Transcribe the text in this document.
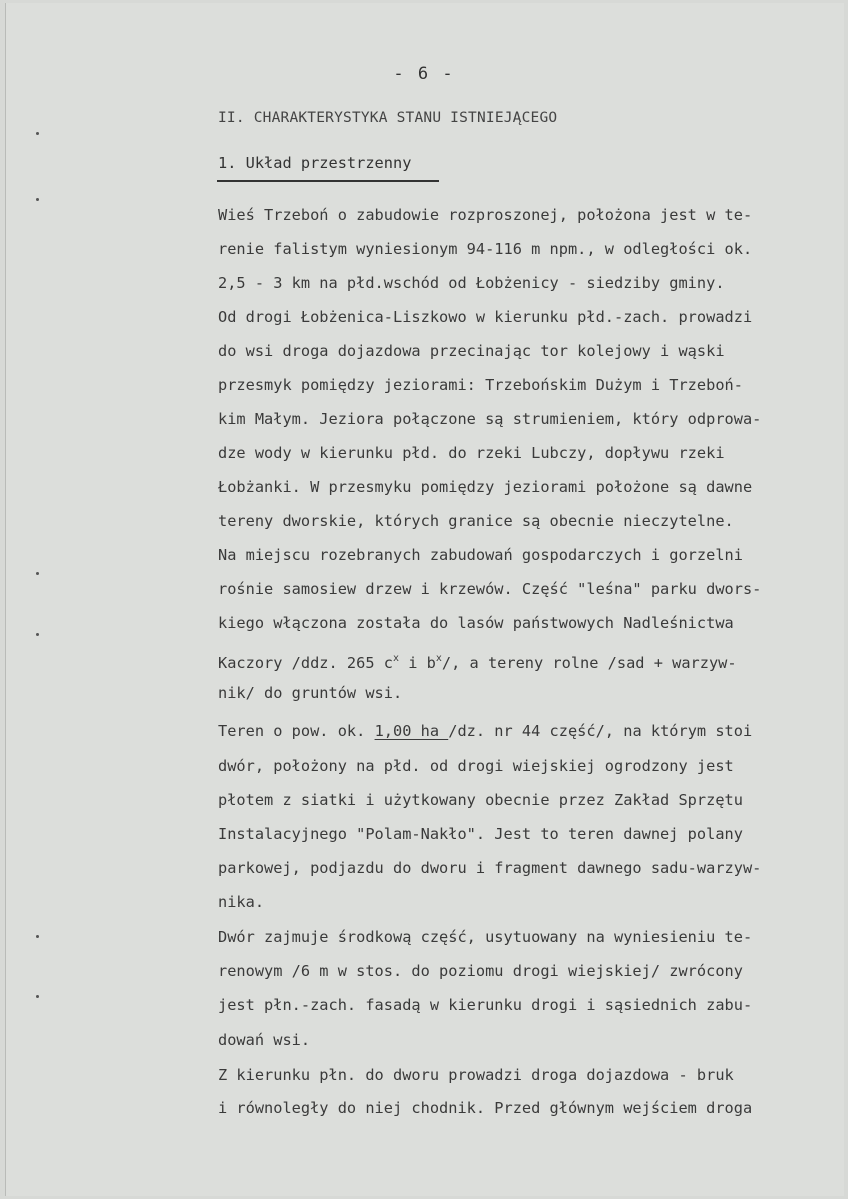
- 6 -
II. CHARAKTERYSTYKA STANU ISTNIEJĄCEGO
1. Układ przestrzenny
Wieś Trzeboń o zabudowie rozproszonej, położona jest w te-
renie falistym wyniesionym 94-116 m npm., w odległości ok.
2,5 - 3 km na płd.wschód od Łobżenicy - siedziby gminy.
Od drogi Łobżenica-Liszkowo w kierunku płd.-zach. prowadzi
do wsi droga dojazdowa przecinając tor kolejowy i wąski
przesmyk pomiędzy jeziorami: Trzebońskim Dużym i Trzeboń-
kim Małym. Jeziora połączone są strumieniem, który odprowa-
dze wody w kierunku płd. do rzeki Lubczy, dopływu rzeki
Łobżanki. W przesmyku pomiędzy jeziorami położone są dawne
tereny dworskie, których granice są obecnie nieczytelne.
Na miejscu rozebranych zabudowań gospodarczych i gorzelni
rośnie samosiew drzew i krzewów. Część "leśna" parku dwors-
kiego włączona została do lasów państwowych Nadleśnictwa
Kaczory /ddz. 265 $c^x$ i $b^x/$, a tereny rolne /sad + warzyw-
nik/ do gruntów wsi.
Teren o pow. ok. 1,00 ha /dz. nr 44 część/, na którym stoi
dwór, położony na płd. od drogi wiejskiej ogrodzony jest
płotem z siatki i użytkowany obecnie przez Zakład Sprzętu
Instalacyjnego "Polam-Nakło". Jest to teren dawnej polany
parkowej, podjazdu do dworu i fragment dawnego sadu-warzyw-
nika.
Dwór zajmuje środkową część, usytuowany na wyniesieniu te-
renowym /6 m w stos. do poziomu drogi wiejskiej/ zwrócony
jest płn.-zach. fasadą w kierunku drogi i sąsiednich zabu-
dowań wsi.
Z kierunku płn. do dworu prowadzi droga dojazdowa - bruk
i równoległy do niej chodnik. Przed głównym wejściem droga
